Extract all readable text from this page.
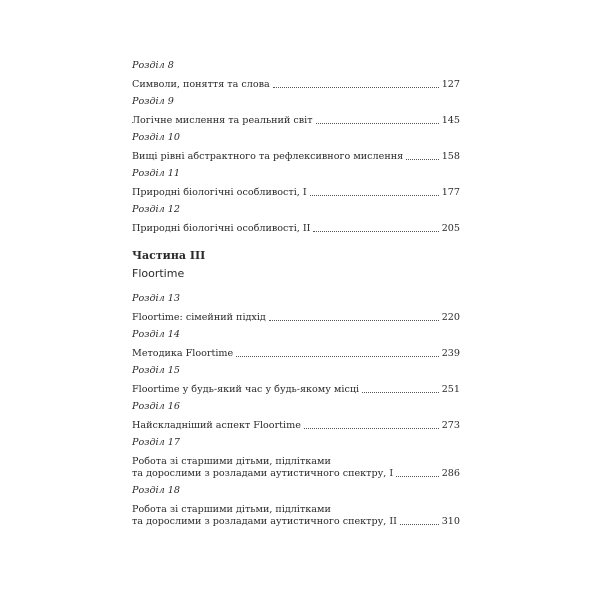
Розділ 8

Символи, поняття та слова	127

Розділ 9

Логічне мислення та реальний світ	145

Розділ 10

Вищі рівні абстрактного та рефлексивного мислення	158

Розділ 11

Природні біологічні особливості, І	177

Розділ 12

Природні біологічні особливості, ІІ	205

Частина ІІІ

Floortime

Розділ 13

Floortime: сімейний підхід	220

Розділ 14

Методика Floortime	239

Розділ 15

Floortime у будь-який час у будь-якому місці	251

Розділ 16

Найскладніший аспект Floortime	273

Розділ 17

Робота зі старшими дітьми, підлітками
та дорослими з розладами аутистичного спектру, І	286

Розділ 18

Робота зі старшими дітьми, підлітками
та дорослими з розладами аутистичного спектру, ІІ	310
